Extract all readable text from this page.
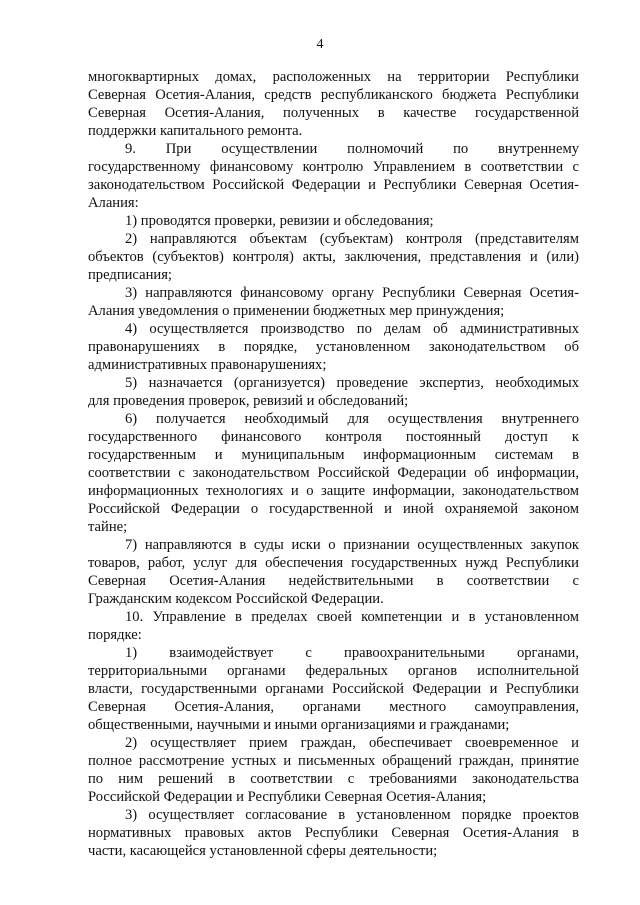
4
многоквартирных домах, расположенных на территории Республики
Северная Осетия-Алания, средств республиканского бюджета Республики
Северная Осетия-Алания, полученных в качестве государственной
поддержки капитального ремонта.
9. При осуществлении полномочий по внутреннему
государственному финансовому контролю Управлением в соответствии с
законодательством Российской Федерации и Республики Северная Осетия-
Алания:
1) проводятся проверки, ревизии и обследования;
2) направляются объектам (субъектам) контроля (представителям
объектов (субъектов) контроля) акты, заключения, представления и (или)
предписания;
3) направляются финансовому органу Республики Северная Осетия-
Алания уведомления о применении бюджетных мер принуждения;
4) осуществляется производство по делам об административных
правонарушениях в порядке, установленном законодательством об
административных правонарушениях;
5) назначается (организуется) проведение экспертиз, необходимых
для проведения проверок, ревизий и обследований;
6) получается необходимый для осуществления внутреннего
государственного финансового контроля постоянный доступ к
государственным и муниципальным информационным системам в
соответствии с законодательством Российской Федерации об информации,
информационных технологиях и о защите информации, законодательством
Российской Федерации о государственной и иной охраняемой законом
тайне;
7) направляются в суды иски о признании осуществленных закупок
товаров, работ, услуг для обеспечения государственных нужд Республики
Северная Осетия-Алания недействительными в соответствии с
Гражданским кодексом Российской Федерации.
10. Управление в пределах своей компетенции и в установленном
порядке:
1) взаимодействует с правоохранительными органами,
территориальными органами федеральных органов исполнительной
власти, государственными органами Российской Федерации и Республики
Северная Осетия-Алания, органами местного самоуправления,
общественными, научными и иными организациями и гражданами;
2) осуществляет прием граждан, обеспечивает своевременное и
полное рассмотрение устных и письменных обращений граждан, принятие
по ним решений в соответствии с требованиями законодательства
Российской Федерации и Республики Северная Осетия-Алания;
3) осуществляет согласование в установленном порядке проектов
нормативных правовых актов Республики Северная Осетия-Алания в
части, касающейся установленной сферы деятельности;
